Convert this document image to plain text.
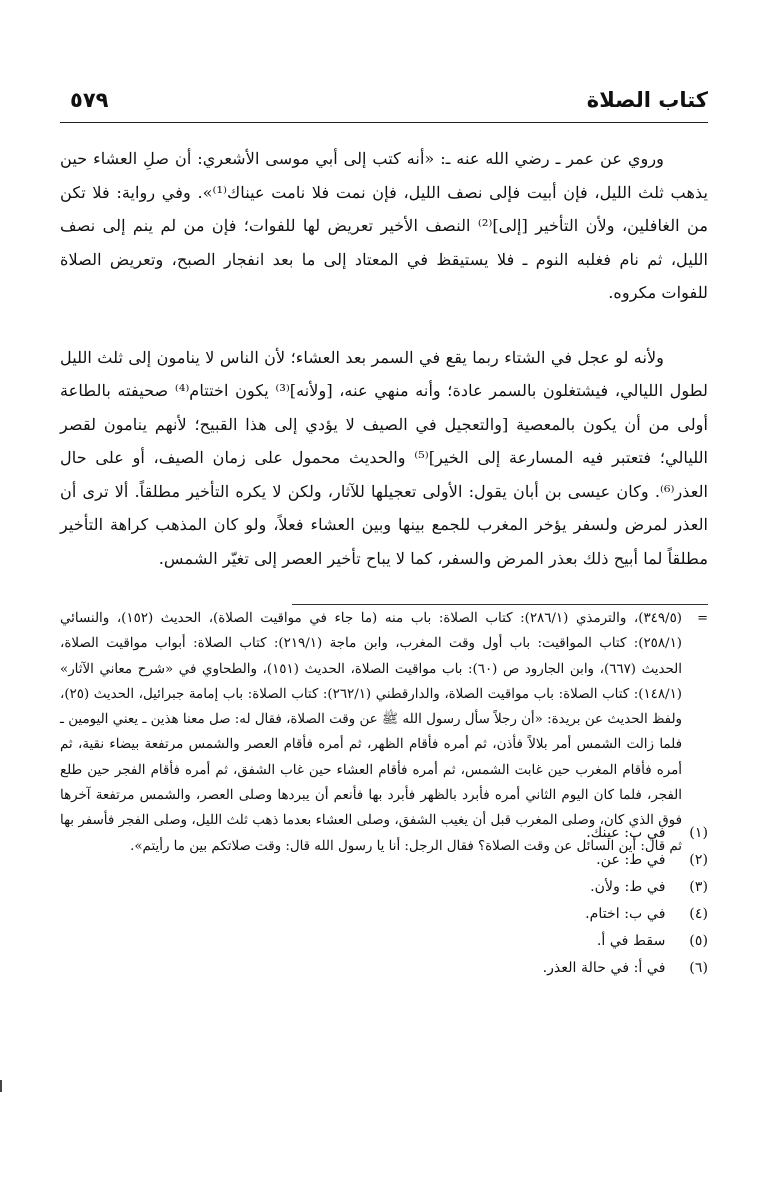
كتاب الصلاة
٥٧٩

وروي عن عمر ـ رضي الله عنه ـ: «أنه كتب إلى أبي موسى الأشعري: أن صلِ العشاء حين يذهب ثلث الليل، فإن أبيت فإلى نصف الليل، فإن نمت فلا نامت عيناك⁽¹⁾». وفي رواية: فلا تكن من الغافلين، ولأن التأخير [إلى]⁽²⁾ النصف الأخير تعريض لها للفوات؛ فإن من لم ينم إلى نصف الليل، ثم نام فغلبه النوم ـ فلا يستيقظ في المعتاد إلى ما بعد انفجار الصبح، وتعريض الصلاة للفوات مكروه.

ولأنه لو عجل في الشتاء ربما يقع في السمر بعد العشاء؛ لأن الناس لا ينامون إلى ثلث الليل لطول الليالي، فيشتغلون بالسمر عادة؛ وأنه منهي عنه، [ولأنه]⁽³⁾ يكون اختتام⁽⁴⁾ صحيفته بالطاعة أولى من أن يكون بالمعصية [والتعجيل في الصيف لا يؤدي إلى هذا القبيح؛ لأنهم ينامون لقصر الليالي؛ فتعتبر فيه المسارعة إلى الخير]⁽⁵⁾ والحديث محمول على زمان الصيف، أو على حال العذر⁽⁶⁾. وكان عيسى بن أبان يقول: الأولى تعجيلها للآثار، ولكن لا يكره التأخير مطلقاً. ألا ترى أن العذر لمرض ولسفر يؤخر المغرب للجمع بينها وبين العشاء فعلاً، ولو كان المذهب كراهة التأخير مطلقاً لما أبيح ذلك بعذر المرض والسفر، كما لا يباح تأخير العصر إلى تغيّر الشمس.

=

(٣٤٩/٥)، والترمذي (٢٨٦/١): كتاب الصلاة: باب منه (ما جاء في مواقيت الصلاة)، الحديث (١٥٢)، والنسائي (٢٥٨/١): كتاب المواقيت: باب أول وقت المغرب، وابن ماجة (٢١٩/١): كتاب الصلاة: أبواب مواقيت الصلاة، الحديث (٦٦٧)، وابن الجارود ص (٦٠): باب مواقيت الصلاة، الحديث (١٥١)، والطحاوي في «شرح معاني الآثار» (١٤٨/١): كتاب الصلاة: باب مواقيت الصلاة، والدارقطني (٢٦٢/١): كتاب الصلاة: باب إمامة جبرائيل، الحديث (٢٥)، ولفظ الحديث عن بريدة: «أن رجلاً سأل رسول الله ﷺ عن وقت الصلاة، فقال له: صل معنا هذين ـ يعني اليومين ـ فلما زالت الشمس أمر بلالاً فأذن، ثم أمره فأقام الظهر، ثم أمره فأقام العصر والشمس مرتفعة بيضاء نقية، ثم أمره فأقام المغرب حين غابت الشمس، ثم أمره فأقام العشاء حين غاب الشفق، ثم أمره فأقام الفجر حين طلع الفجر، فلما كان اليوم الثاني أمره فأبرد بالظهر فأبرد بها فأنعم أن يبردها وصلى العصر، والشمس مرتفعة آخرها فوق الذي كان، وصلى المغرب قبل أن يغيب الشفق، وصلى العشاء بعدما ذهب ثلث الليل، وصلى الفجر فأسفر بها ثم قال: أين السائل عن وقت الصلاة؟ فقال الرجل: أنا يا رسول الله قال: وقت صلاتكم بين ما رأيتم».

(١) في ب: عينك.
(٢) في ط: عن.
(٣) في ط: ولأن.
(٤) في ب: اختام.
(٥) سقط في أ.
(٦) في أ: في حالة العذر.
